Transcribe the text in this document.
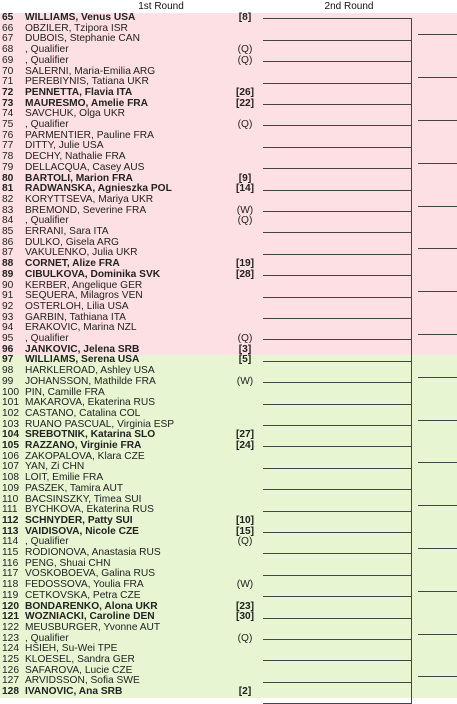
1st Round	2nd Round
65	WILLIAMS, Venus USA	[8]
66	OBZILER, Tzipora ISR
67	DUBOIS, Stephanie CAN
68	, Qualifier	(Q)
69	, Qualifier	(Q)
70	SALERNI, Maria-Emilia ARG
71	PEREBIYNIS, Tatiana UKR
72	PENNETTA, Flavia ITA	[26]
73	MAURESMO, Amelie FRA	[22]
74	SAVCHUK, Olga UKR
75	, Qualifier	(Q)
76	PARMENTIER, Pauline FRA
77	DITTY, Julie USA
78	DECHY, Nathalie FRA
79	DELLACQUA, Casey AUS
80	BARTOLI, Marion FRA	[9]
81	RADWANSKA, Agnieszka POL	[14]
82	KORYTTSEVA, Mariya UKR
83	BREMOND, Severine FRA	(W)
84	, Qualifier	(Q)
85	ERRANI, Sara ITA
86	DULKO, Gisela ARG
87	VAKULENKO, Julia UKR
88	CORNET, Alize FRA	[19]
89	CIBULKOVA, Dominika SVK	[28]
90	KERBER, Angelique GER
91	SEQUERA, Milagros VEN
92	OSTERLOH, Lilia USA
93	GARBIN, Tathiana ITA
94	ERAKOVIC, Marina NZL
95	, Qualifier	(Q)
96	JANKOVIC, Jelena SRB	[3]
97	WILLIAMS, Serena USA	[5]
98	HARKLEROAD, Ashley USA
99	JOHANSSON, Mathilde FRA	(W)
100 PIN, Camille FRA
101 MAKAROVA, Ekaterina RUS
102 CASTANO, Catalina COL
103 RUANO PASCUAL, Virginia ESP
104 SREBOTNIK, Katarina SLO	[27]
105 RAZZANO, Virginie FRA	[24]
106 ZAKOPALOVA, Klara CZE
107 YAN, Zi CHN
108 LOIT, Emilie FRA
109 PASZEK, Tamira AUT
110 BACSINSZKY, Timea SUI
111 BYCHKOVA, Ekaterina RUS
112 SCHNYDER, Patty SUI	[10]
113 VAIDISOVA, Nicole CZE	[15]
114 , Qualifier	(Q)
115 RODIONOVA, Anastasia RUS
116 PENG, Shuai CHN
117 VOSKOBOEVA, Galina RUS
118 FEDOSSOVA, Youlia FRA	(W)
119 CETKOVSKA, Petra CZE
120 BONDARENKO, Alona UKR	[23]
121 WOZNIACKI, Caroline DEN	[30]
122 MEUSBURGER, Yvonne AUT
123 , Qualifier	(Q)
124 HSIEH, Su-Wei TPE
125 KLOESEL, Sandra GER
126 SAFAROVA, Lucie CZE
127 ARVIDSSON, Sofia SWE
128 IVANOVIC, Ana SRB	[2]
